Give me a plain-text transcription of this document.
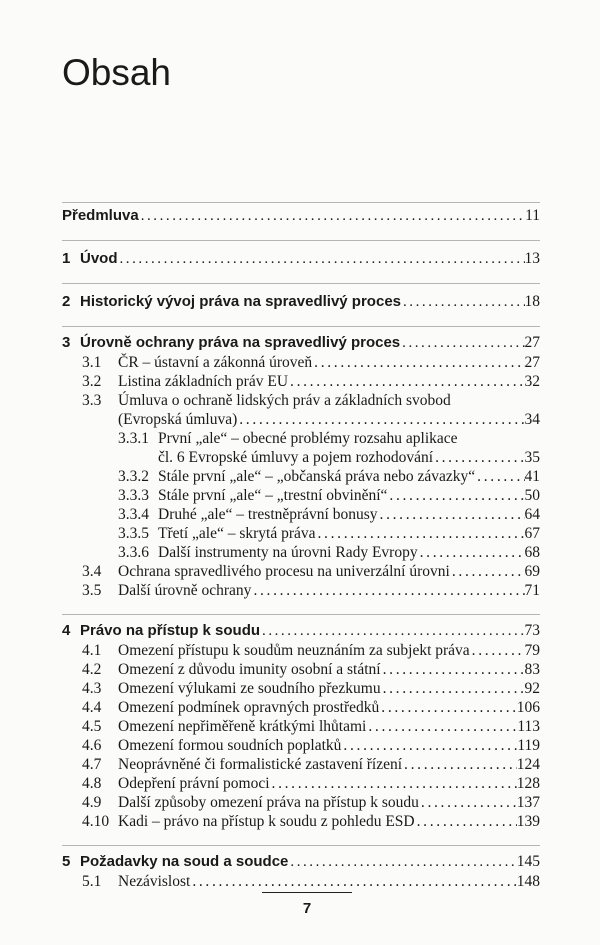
Obsah
Předmluva . . .	11
1 Úvod . . .	13
2 Historický vývoj práva na spravedlivý proces . . .	18
3 Úrovně ochrany práva na spravedlivý proces . . .	27
3.1	ČR – ústavní a zákonná úroveň . . .	27
3.2	Listina základních práv EU . . .	32
3.3	Úmluva o ochraně lidských práv a základních svobod
(Evropská úmluva) . . .	34
3.3.1 První „ale“ – obecné problémy rozsahu aplikace
čl. 6 Evropské úmluvy a pojem rozhodování . . .	35
3.3.2 Stále první „ale“ – „občanská práva nebo závazky“ . . .	41
3.3.3 Stále první „ale“ – „trestní obvinění“ . . .	50
3.3.4 Druhé „ale“ – trestněprávní bonusy . . .	64
3.3.5 Třetí „ale“ – skrytá práva . . .	67
3.3.6 Další instrumenty na úrovni Rady Evropy . . .	68
3.4	Ochrana spravedlivého procesu na univerzální úrovni . . .	69
3.5	Další úrovně ochrany . . .	71
4 Právo na přístup k soudu . . .	73
4.1	Omezení přístupu k soudům neuznáním za subjekt práva . . .	79
4.2	Omezení z důvodu imunity osobní a státní . . .	83
4.3	Omezení výlukami ze soudního přezkumu . . .	92
4.4	Omezení podmínek opravných prostředků . . .	106
4.5	Omezení nepřiměřeně krátkými lhůtami . . .	113
4.6	Omezení formou soudních poplatků . . .	119
4.7	Neoprávněné či formalistické zastavení řízení . . .	124
4.8	Odepření právní pomoci . . .	128
4.9	Další způsoby omezení práva na přístup k soudu . . .	137
4.10 Kadi – právo na přístup k soudu z pohledu ESD . . .	139
5 Požadavky na soud a soudce . . .	145
5.1	Nezávislost . . .	148
7
